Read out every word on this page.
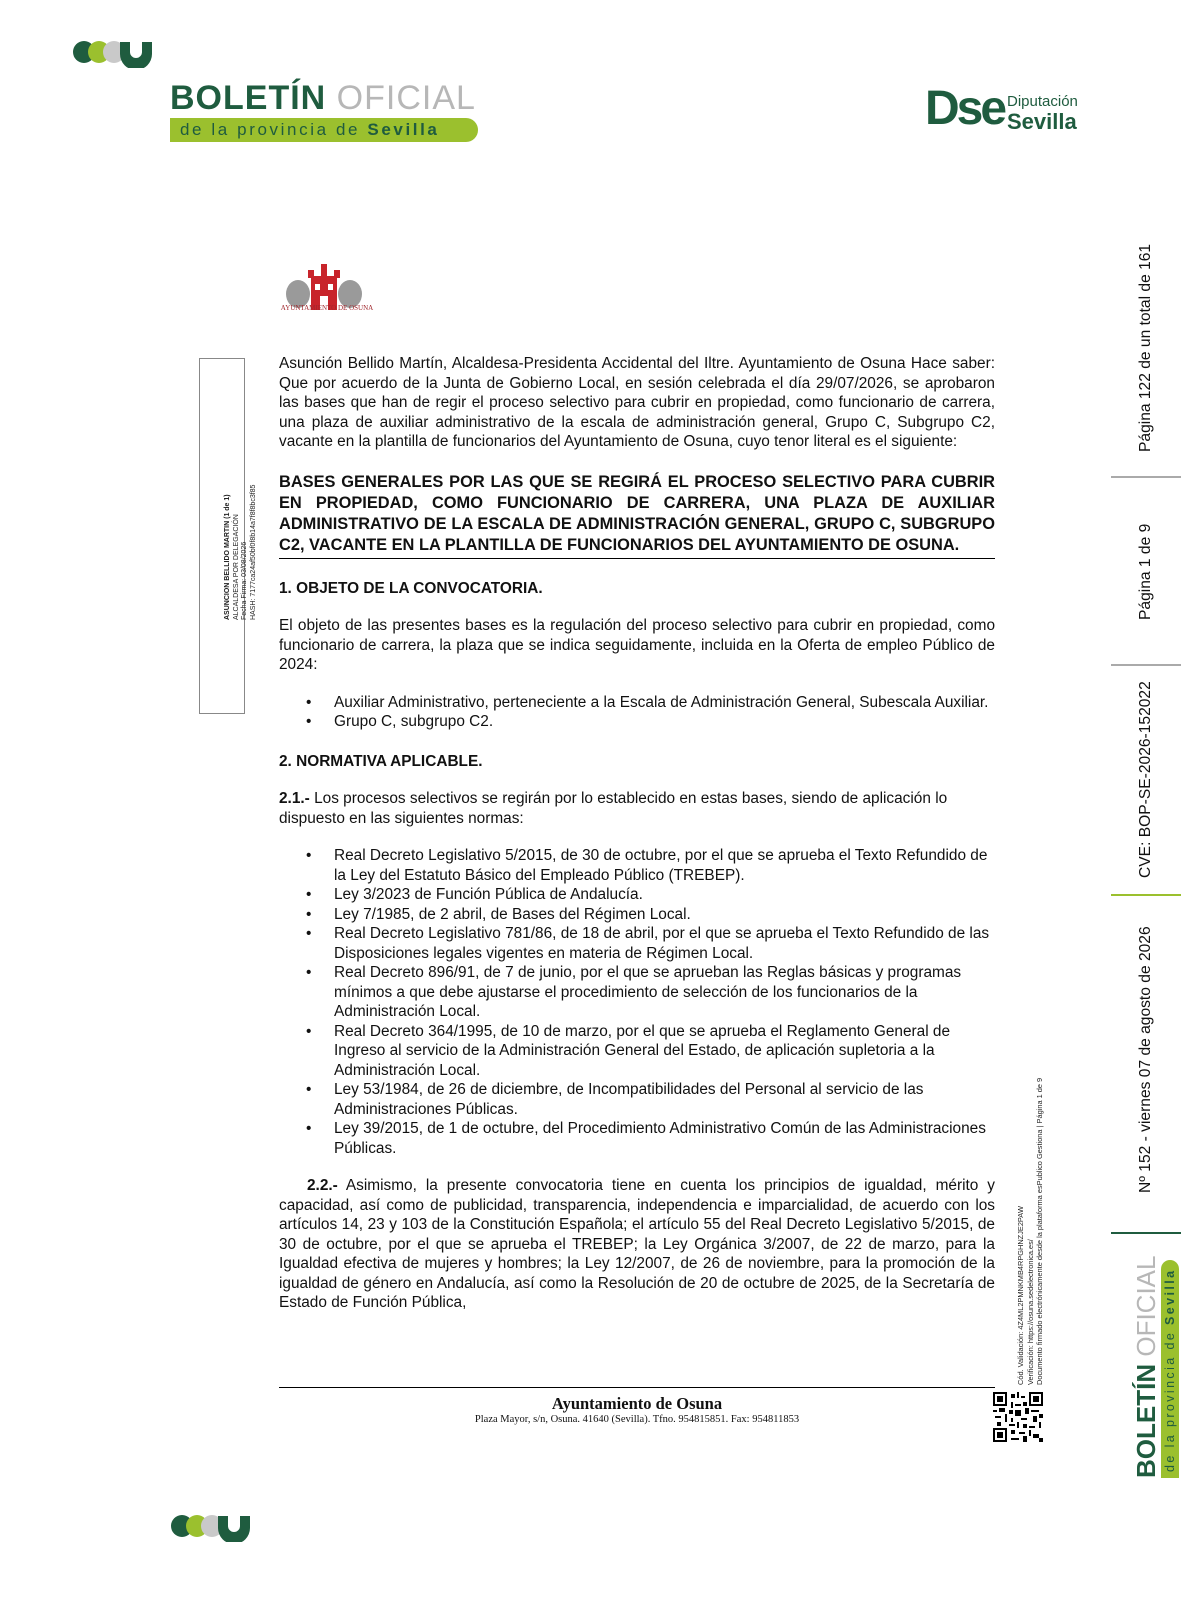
BOLETÍN OFICIAL
de la provincia de Sevilla	Dse Diputación
Sevilla
AYUNTAMIENTO DE OSUNA
ASUNCION BELLIDO MARTIN (1 de 1) ALCALDESA POR DELEGACIÓN Fecha Firma: 03/08/2026 HASH: 7177ca24af50bf0f8b14a7f8f8bc3f85

Asunción Bellido Martín, Alcaldesa-Presidenta Accidental del Iltre. Ayuntamiento de Osuna Hace saber: Que por acuerdo de la Junta de Gobierno Local, en sesión celebrada el día 29/07/2026, se aprobaron las bases que han de regir el proceso selectivo para cubrir en propiedad, como funcionario de carrera, una plaza de auxiliar administrativo de la escala de administración general, Grupo C, Subgrupo C2, vacante en la plantilla de funcionarios del Ayuntamiento de Osuna, cuyo tenor literal es el siguiente:

BASES GENERALES POR LAS QUE SE REGIRÁ EL PROCESO SELECTIVO PARA CUBRIR EN PROPIEDAD, COMO FUNCIONARIO DE CARRERA, UNA PLAZA DE AUXILIAR ADMINISTRATIVO DE LA ESCALA DE ADMINISTRACIÓN GENERAL, GRUPO C, SUBGRUPO C2, VACANTE EN LA PLANTILLA DE FUNCIONARIOS DEL AYUNTAMIENTO DE OSUNA.

1. OBJETO DE LA CONVOCATORIA.

El objeto de las presentes bases es la regulación del proceso selectivo para cubrir en propiedad, como funcionario de carrera, la plaza que se indica seguidamente, incluida en la Oferta de empleo Público de 2024:

• Auxiliar Administrativo, perteneciente a la Escala de Administración General, Subescala Auxiliar.
• Grupo C, subgrupo C2.

2. NORMATIVA APLICABLE.

2.1.- Los procesos selectivos se regirán por lo establecido en estas bases, siendo de aplicación lo dispuesto en las siguientes normas:

• Real Decreto Legislativo 5/2015, de 30 de octubre, por el que se aprueba el Texto Refundido de la Ley del Estatuto Básico del Empleado Público (TREBEP).
• Ley 3/2023 de Función Pública de Andalucía.
• Ley 7/1985, de 2 abril, de Bases del Régimen Local.
• Real Decreto Legislativo 781/86, de 18 de abril, por el que se aprueba el Texto Refundido de las Disposiciones legales vigentes en materia de Régimen Local.
• Real Decreto 896/91, de 7 de junio, por el que se aprueban las Reglas básicas y programas mínimos a que debe ajustarse el procedimiento de selección de los funcionarios de la Administración Local.
• Real Decreto 364/1995, de 10 de marzo, por el que se aprueba el Reglamento General de Ingreso al servicio de la Administración General del Estado, de aplicación supletoria a la Administración Local.
• Ley 53/1984, de 26 de diciembre, de Incompatibilidades del Personal al servicio de las Administraciones Públicas.
• Ley 39/2015, de 1 de octubre, del Procedimiento Administrativo Común de las Administraciones Públicas.

2.2.- Asimismo, la presente convocatoria tiene en cuenta los principios de igualdad, mérito y capacidad, así como de publicidad, transparencia, independencia e imparcialidad, de acuerdo con los artículos 14, 23 y 103 de la Constitución Española; el artículo 55 del Real Decreto Legislativo 5/2015, de 30 de octubre, por el que se aprueba el TREBEP; la Ley Orgánica 3/2007, de 22 de marzo, para la Igualdad efectiva de mujeres y hombres; la Ley 12/2007, de 26 de noviembre, para la promoción de la igualdad de género en Andalucía, así como la Resolución de 20 de octubre de 2025, de la Secretaría de Estado de Función Pública,

Ayuntamiento de Osuna
Plaza Mayor, s/n, Osuna. 41640 (Sevilla). Tfno. 954815851. Fax: 954811853
Cód. Validación: 4Z4ML2PMNKMB4RPGHNZJE2PAW Verificación: https://osuna.sedelectronica.es/ Documento firmado electrónicamente desde la plataforma esPublico Gestiona | Página 1 de 9
Página 122 de un total de 161
Página 1 de 9
CVE: BOP-SE-2026-152022
Nº 152 - viernes 07 de agosto de 2026
BOLETÍN OFICIAL
de la provincia de Sevilla
